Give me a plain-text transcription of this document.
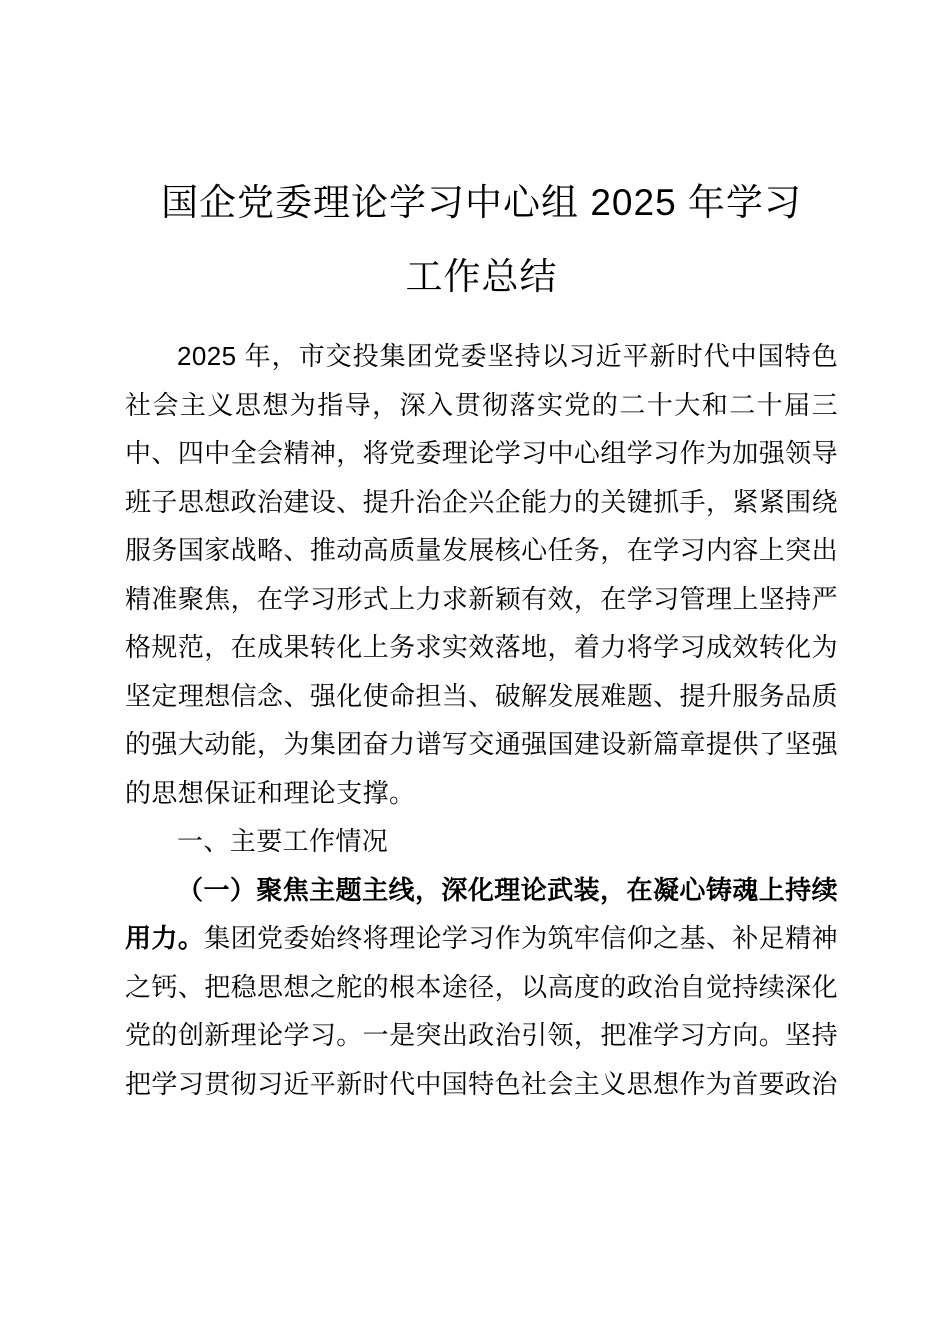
国企党委理论学习中心组 2025 年学习
工作总结

2025 年，市交投集团党委坚持以习近平新时代中国特色社会主义思想为指导，深入贯彻落实党的二十大和二十届三中、四中全会精神，将党委理论学习中心组学习作为加强领导班子思想政治建设、提升治企兴企能力的关键抓手，紧紧围绕服务国家战略、推动高质量发展核心任务，在学习内容上突出精准聚焦，在学习形式上力求新颖有效，在学习管理上坚持严格规范，在成果转化上务求实效落地，着力将学习成效转化为坚定理想信念、强化使命担当、破解发展难题、提升服务品质的强大动能，为集团奋力谱写交通强国建设新篇章提供了坚强的思想保证和理论支撑。

一、主要工作情况

（一）聚焦主题主线，深化理论武装，在凝心铸魂上持续用力。集团党委始终将理论学习作为筑牢信仰之基、补足精神之钙、把稳思想之舵的根本途径，以高度的政治自觉持续深化党的创新理论学习。一是突出政治引领，把准学习方向。坚持把学习贯彻习近平新时代中国特色社会主义思想作为首要政治
